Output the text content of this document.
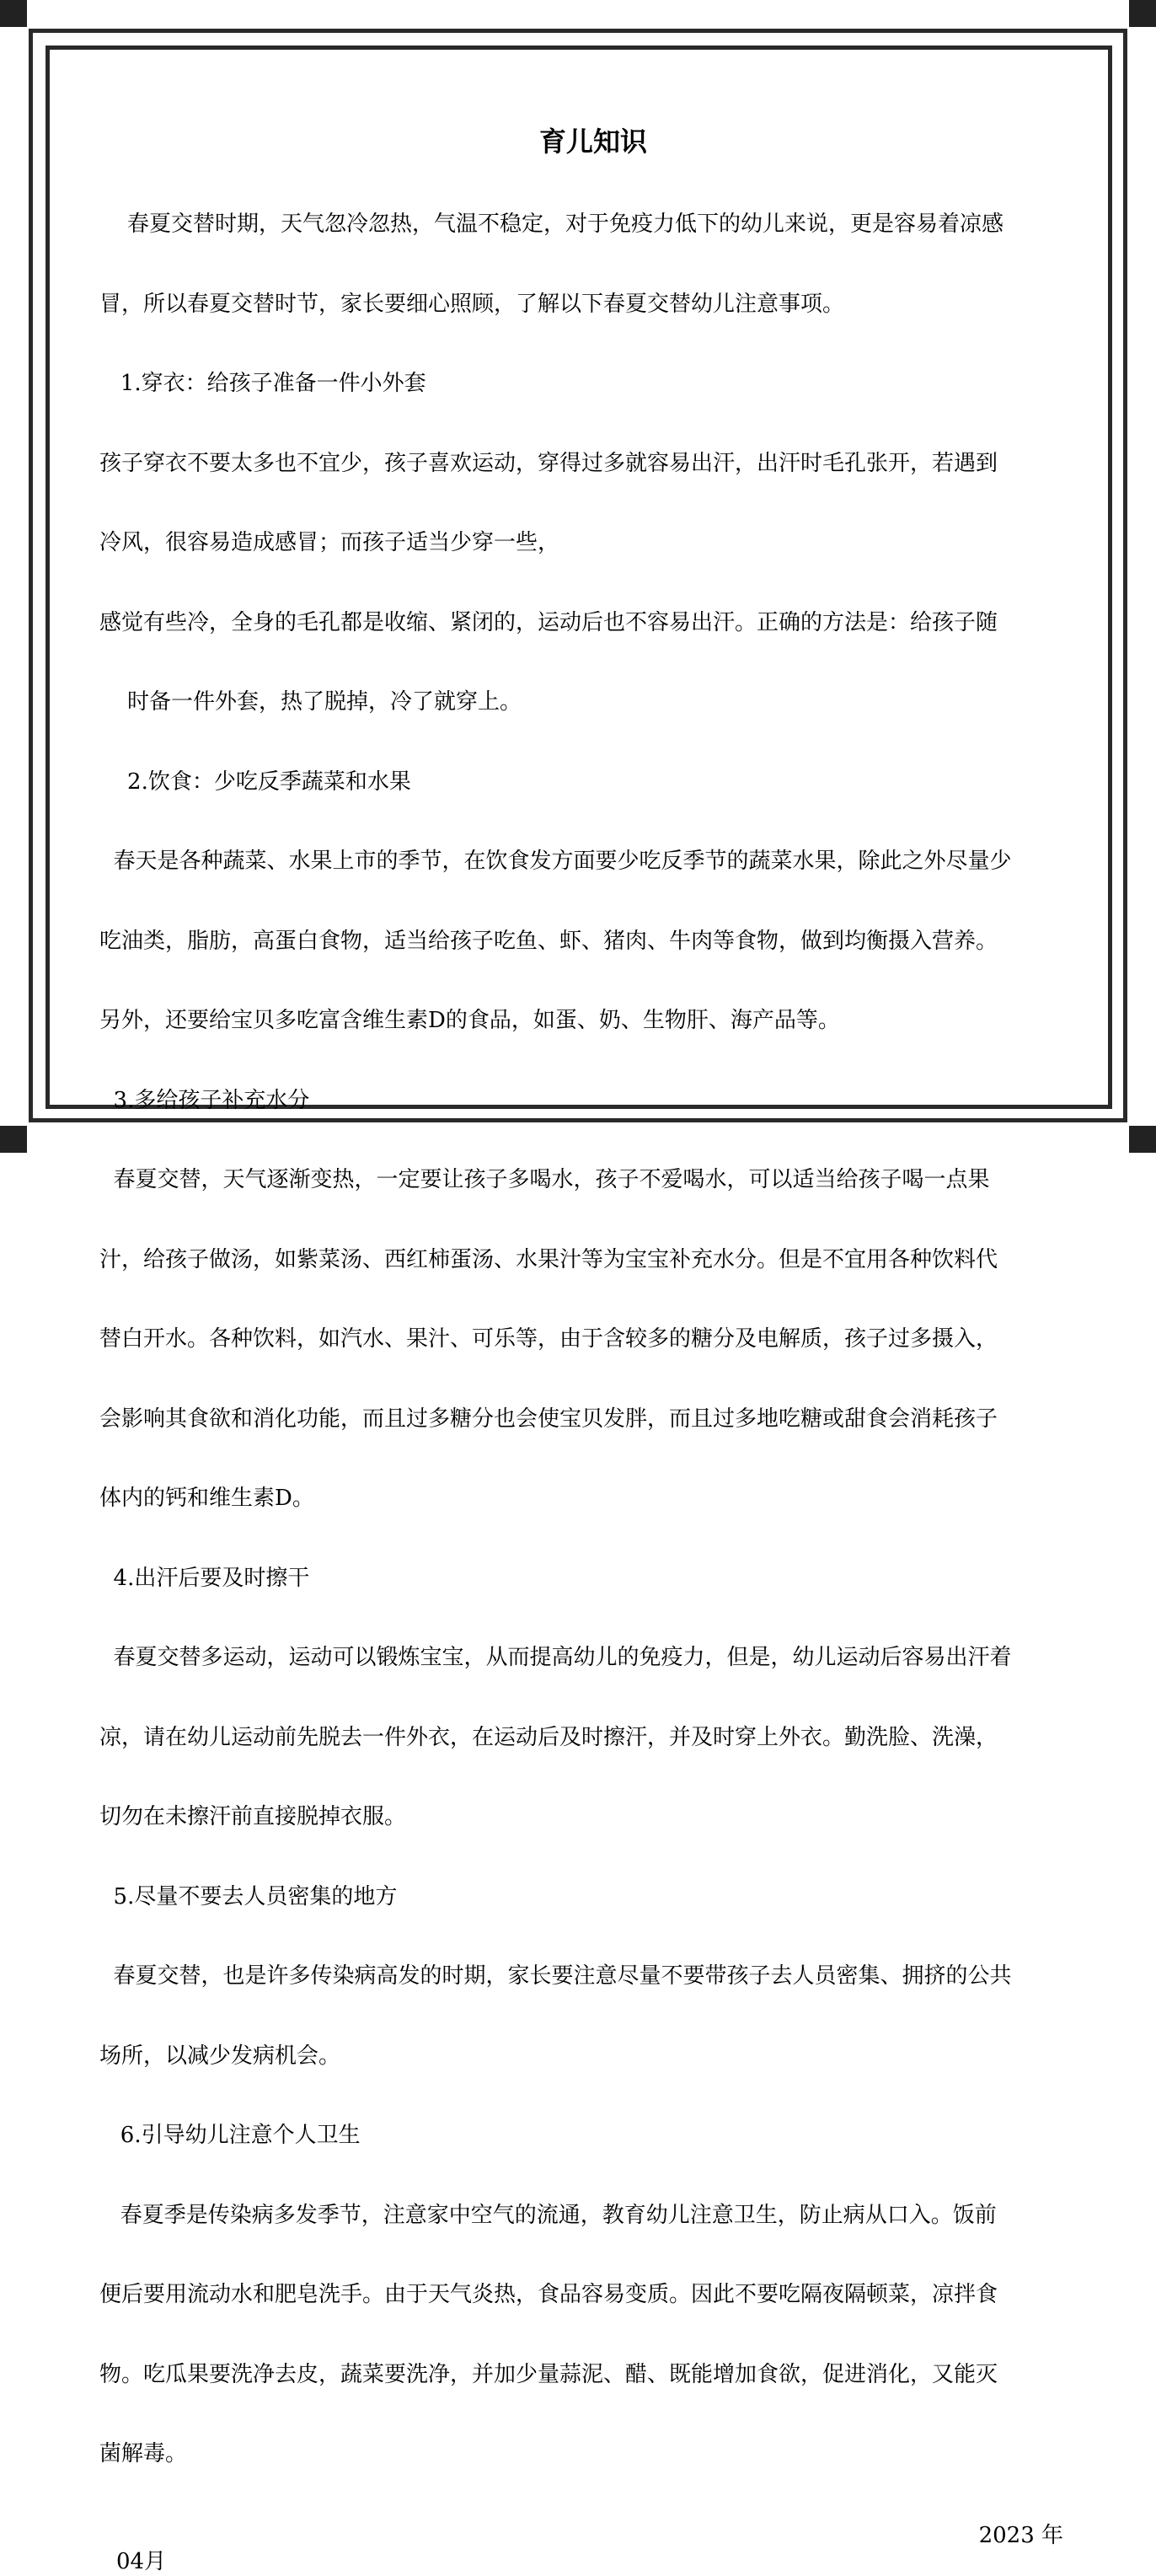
育儿知识

春夏交替时期，天气忽冷忽热，气温不稳定，对于免疫力低下的幼儿来说，更是容易着凉感

冒，所以春夏交替时节，家长要细心照顾，了解以下春夏交替幼儿注意事项。

1.穿衣：给孩子准备一件小外套

孩子穿衣不要太多也不宜少，孩子喜欢运动，穿得过多就容易出汗，出汗时毛孔张开，若遇到

冷风，很容易造成感冒；而孩子适当少穿一些，

感觉有些冷，全身的毛孔都是收缩、紧闭的，运动后也不容易出汗。正确的方法是：给孩子随

时备一件外套，热了脱掉，冷了就穿上。

2.饮食：少吃反季蔬菜和水果

春天是各种蔬菜、水果上市的季节，在饮食发方面要少吃反季节的蔬菜水果，除此之外尽量少

吃油类，脂肪，高蛋白食物，适当给孩子吃鱼、虾、猪肉、牛肉等食物，做到均衡摄入营养。

另外，还要给宝贝多吃富含维生素D的食品，如蛋、奶、生物肝、海产品等。

3.多给孩子补充水分

春夏交替，天气逐渐变热，一定要让孩子多喝水，孩子不爱喝水，可以适当给孩子喝一点果

汁，给孩子做汤，如紫菜汤、西红柿蛋汤、水果汁等为宝宝补充水分。但是不宜用各种饮料代

替白开水。各种饮料，如汽水、果汁、可乐等，由于含较多的糖分及电解质，孩子过多摄入，

会影响其食欲和消化功能，而且过多糖分也会使宝贝发胖，而且过多地吃糖或甜食会消耗孩子

体内的钙和维生素D。

4.出汗后要及时擦干

春夏交替多运动，运动可以锻炼宝宝，从而提高幼儿的免疫力，但是，幼儿运动后容易出汗着

凉，请在幼儿运动前先脱去一件外衣，在运动后及时擦汗，并及时穿上外衣。勤洗脸、洗澡，

切勿在未擦汗前直接脱掉衣服。

5.尽量不要去人员密集的地方

春夏交替，也是许多传染病高发的时期，家长要注意尽量不要带孩子去人员密集、拥挤的公共

场所，以减少发病机会。

6.引导幼儿注意个人卫生

春夏季是传染病多发季节，注意家中空气的流通，教育幼儿注意卫生，防止病从口入。饭前

便后要用流动水和肥皂洗手。由于天气炎热，食品容易变质。因此不要吃隔夜隔顿菜，凉拌食

物。吃瓜果要洗净去皮，蔬菜要洗净，并加少量蒜泥、醋、既能增加食欲，促进消化，又能灭

菌解毒。

2023 年
04月
